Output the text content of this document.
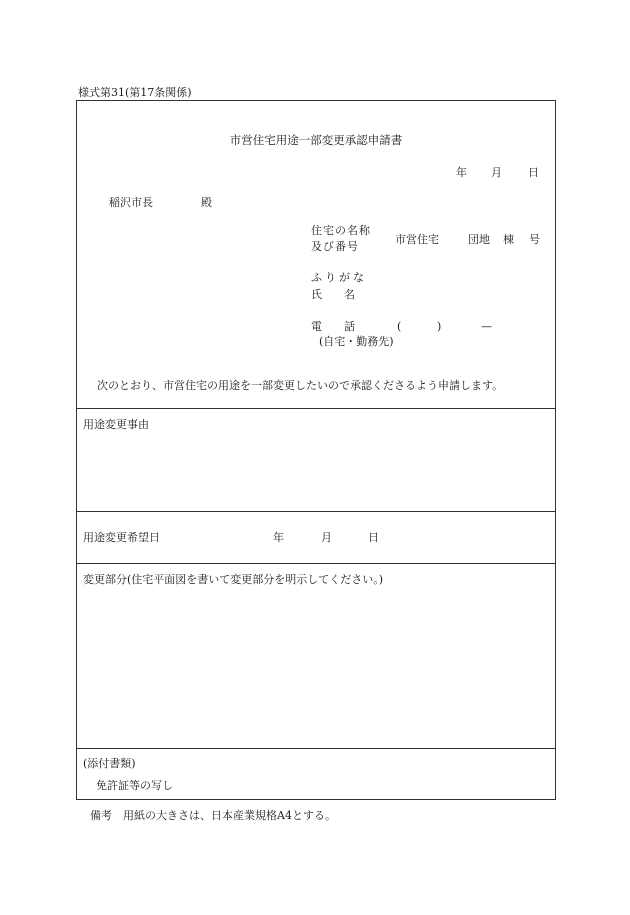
様式第31(第17条関係)
市営住宅用途一部変更承認申請書
年 月 日
稲沢市長	殿
住宅の名称
及び番号
市営住宅	団地 棟 号
ふりがな
氏　　名
電　　話	(	)	—
(自宅・勤務先)
次のとおり、市営住宅の用途を一部変更したいので承認くださるよう申請します。
用途変更事由
用途変更希望日	年	月	日
変更部分(住宅平面図を書いて変更部分を明示してください。)
(添付書類)
免許証等の写し
備考　用紙の大きさは、日本産業規格A4とする。
